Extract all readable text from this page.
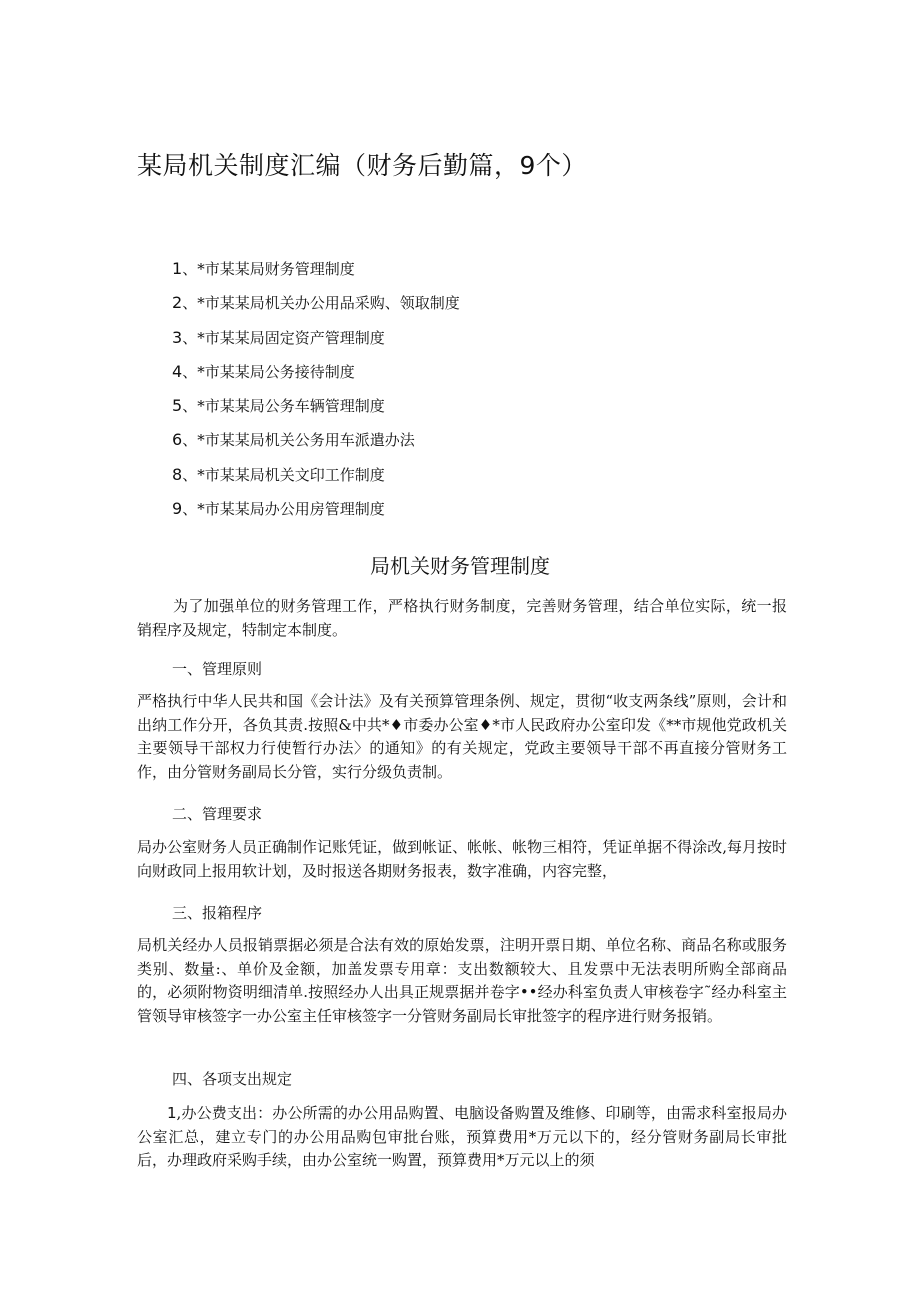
某局机关制度汇编（财务后勤篇，9个）
1、*市某某局财务管理制度
2、*市某某局机关办公用品采购、领取制度
3、*市某某局固定资产管理制度
4、*市某某局公务接待制度
5、*市某某局公务车辆管理制度
6、*市某某局机关公务用车派遣办法
8、*市某某局机关文印工作制度
9、*市某某局办公用房管理制度
局机关财务管理制度

为了加强单位的财务管理工作，严格执行财务制度，完善财务管理，结合单位实际，统一报销程序及规定，特制定本制度。

一、管理原则

严格执行中华人民共和国《会计法》及有关预算管理条例、规定，贯彻“收支两条线”原则，会计和出纳工作分开，各负其责.按照&中共*♦市委办公室♦*市人民政府办公室印发《**市规他党政机关主要领导干部权力行使暂行办法〉的通知》的有关规定，党政主要领导干部不再直接分管财务工作，由分管财务副局长分管，实行分级负责制。

二、管理要求

局办公室财务人员正确制作记账凭证，做到帐证、帐帐、帐物三相符，凭证单据不得涂改,每月按时向财政同上报用软计划，及时报送各期财务报表，数字准确，内容完整，

三、报箱程序

局机关经办人员报销票据必须是合法有效的原始发票，注明开票日期、单位名称、商品名称或服务类别、数量:、单价及金额，加盖发票专用章：支出数额较大、且发票中无法表明所购全部商品的，必须附物资明细清单.按照经办人出具正规票据并卷字••经办科室负责人审核卷字˜经办科室主管领导审核签字一办公室主任审核签字一分管财务副局长审批签字的程序进行财务报销。

四、各项支出规定

1,办公费支出：办公所需的办公用品购置、电脑设备购置及维修、印刷等，由需求科室报局办公室汇总，建立专门的办公用品购包审批台账，预算费用*万元以下的，经分管财务副局长审批后，办理政府采购手续，由办公室统一购置，预算费用*万元以上的须
